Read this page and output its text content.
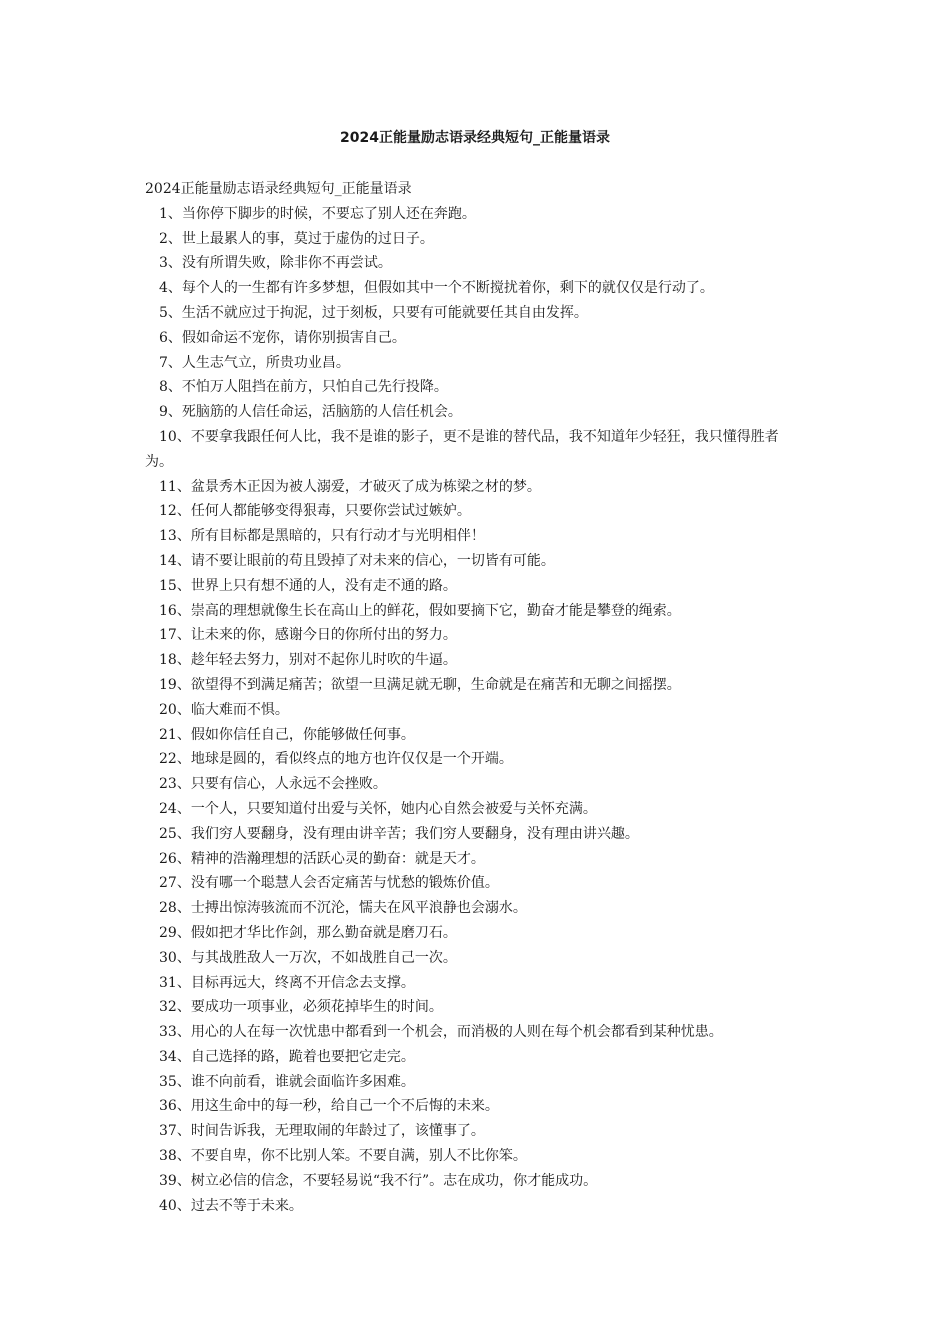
2024正能量励志语录经典短句_正能量语录

2024正能量励志语录经典短句_正能量语录

1、当你停下脚步的时候，不要忘了别人还在奔跑。

2、世上最累人的事，莫过于虚伪的过日子。

3、没有所谓失败，除非你不再尝试。

4、每个人的一生都有许多梦想，但假如其中一个不断搅扰着你，剩下的就仅仅是行动了。

5、生活不就应过于拘泥，过于刻板，只要有可能就要任其自由发挥。

6、假如命运不宠你，请你别损害自己。

7、人生志气立，所贵功业昌。

8、不怕万人阻挡在前方，只怕自己先行投降。

9、死脑筋的人信任命运，活脑筋的人信任机会。

10、不要拿我跟任何人比，我不是谁的影子，更不是谁的替代品，我不知道年少轻狂，我只懂得胜者为。

11、盆景秀木正因为被人溺爱，才破灭了成为栋梁之材的梦。

12、任何人都能够变得狠毒，只要你尝试过嫉妒。

13、所有目标都是黑暗的，只有行动才与光明相伴！

14、请不要让眼前的苟且毁掉了对未来的信心，一切皆有可能。

15、世界上只有想不通的人，没有走不通的路。

16、崇高的理想就像生长在高山上的鲜花，假如要摘下它，勤奋才能是攀登的绳索。

17、让未来的你，感谢今日的你所付出的努力。

18、趁年轻去努力，别对不起你儿时吹的牛逼。

19、欲望得不到满足痛苦；欲望一旦满足就无聊，生命就是在痛苦和无聊之间摇摆。

20、临大难而不惧。

21、假如你信任自己，你能够做任何事。

22、地球是圆的，看似终点的地方也许仅仅是一个开端。

23、只要有信心，人永远不会挫败。

24、一个人，只要知道付出爱与关怀，她内心自然会被爱与关怀充满。

25、我们穷人要翻身，没有理由讲辛苦；我们穷人要翻身，没有理由讲兴趣。

26、精神的浩瀚理想的活跃心灵的勤奋：就是天才。

27、没有哪一个聪慧人会否定痛苦与忧愁的锻炼价值。

28、士搏出惊涛骇流而不沉沦，懦夫在风平浪静也会溺水。

29、假如把才华比作剑，那么勤奋就是磨刀石。

30、与其战胜敌人一万次，不如战胜自己一次。

31、目标再远大，终离不开信念去支撑。

32、要成功一项事业，必须花掉毕生的时间。

33、用心的人在每一次忧患中都看到一个机会，而消极的人则在每个机会都看到某种忧患。

34、自己选择的路，跪着也要把它走完。

35、谁不向前看，谁就会面临许多困难。

36、用这生命中的每一秒，给自己一个不后悔的未来。

37、时间告诉我，无理取闹的年龄过了，该懂事了。

38、不要自卑，你不比别人笨。不要自满，别人不比你笨。

39、树立必信的信念，不要轻易说“我不行”。志在成功，你才能成功。

40、过去不等于未来。
